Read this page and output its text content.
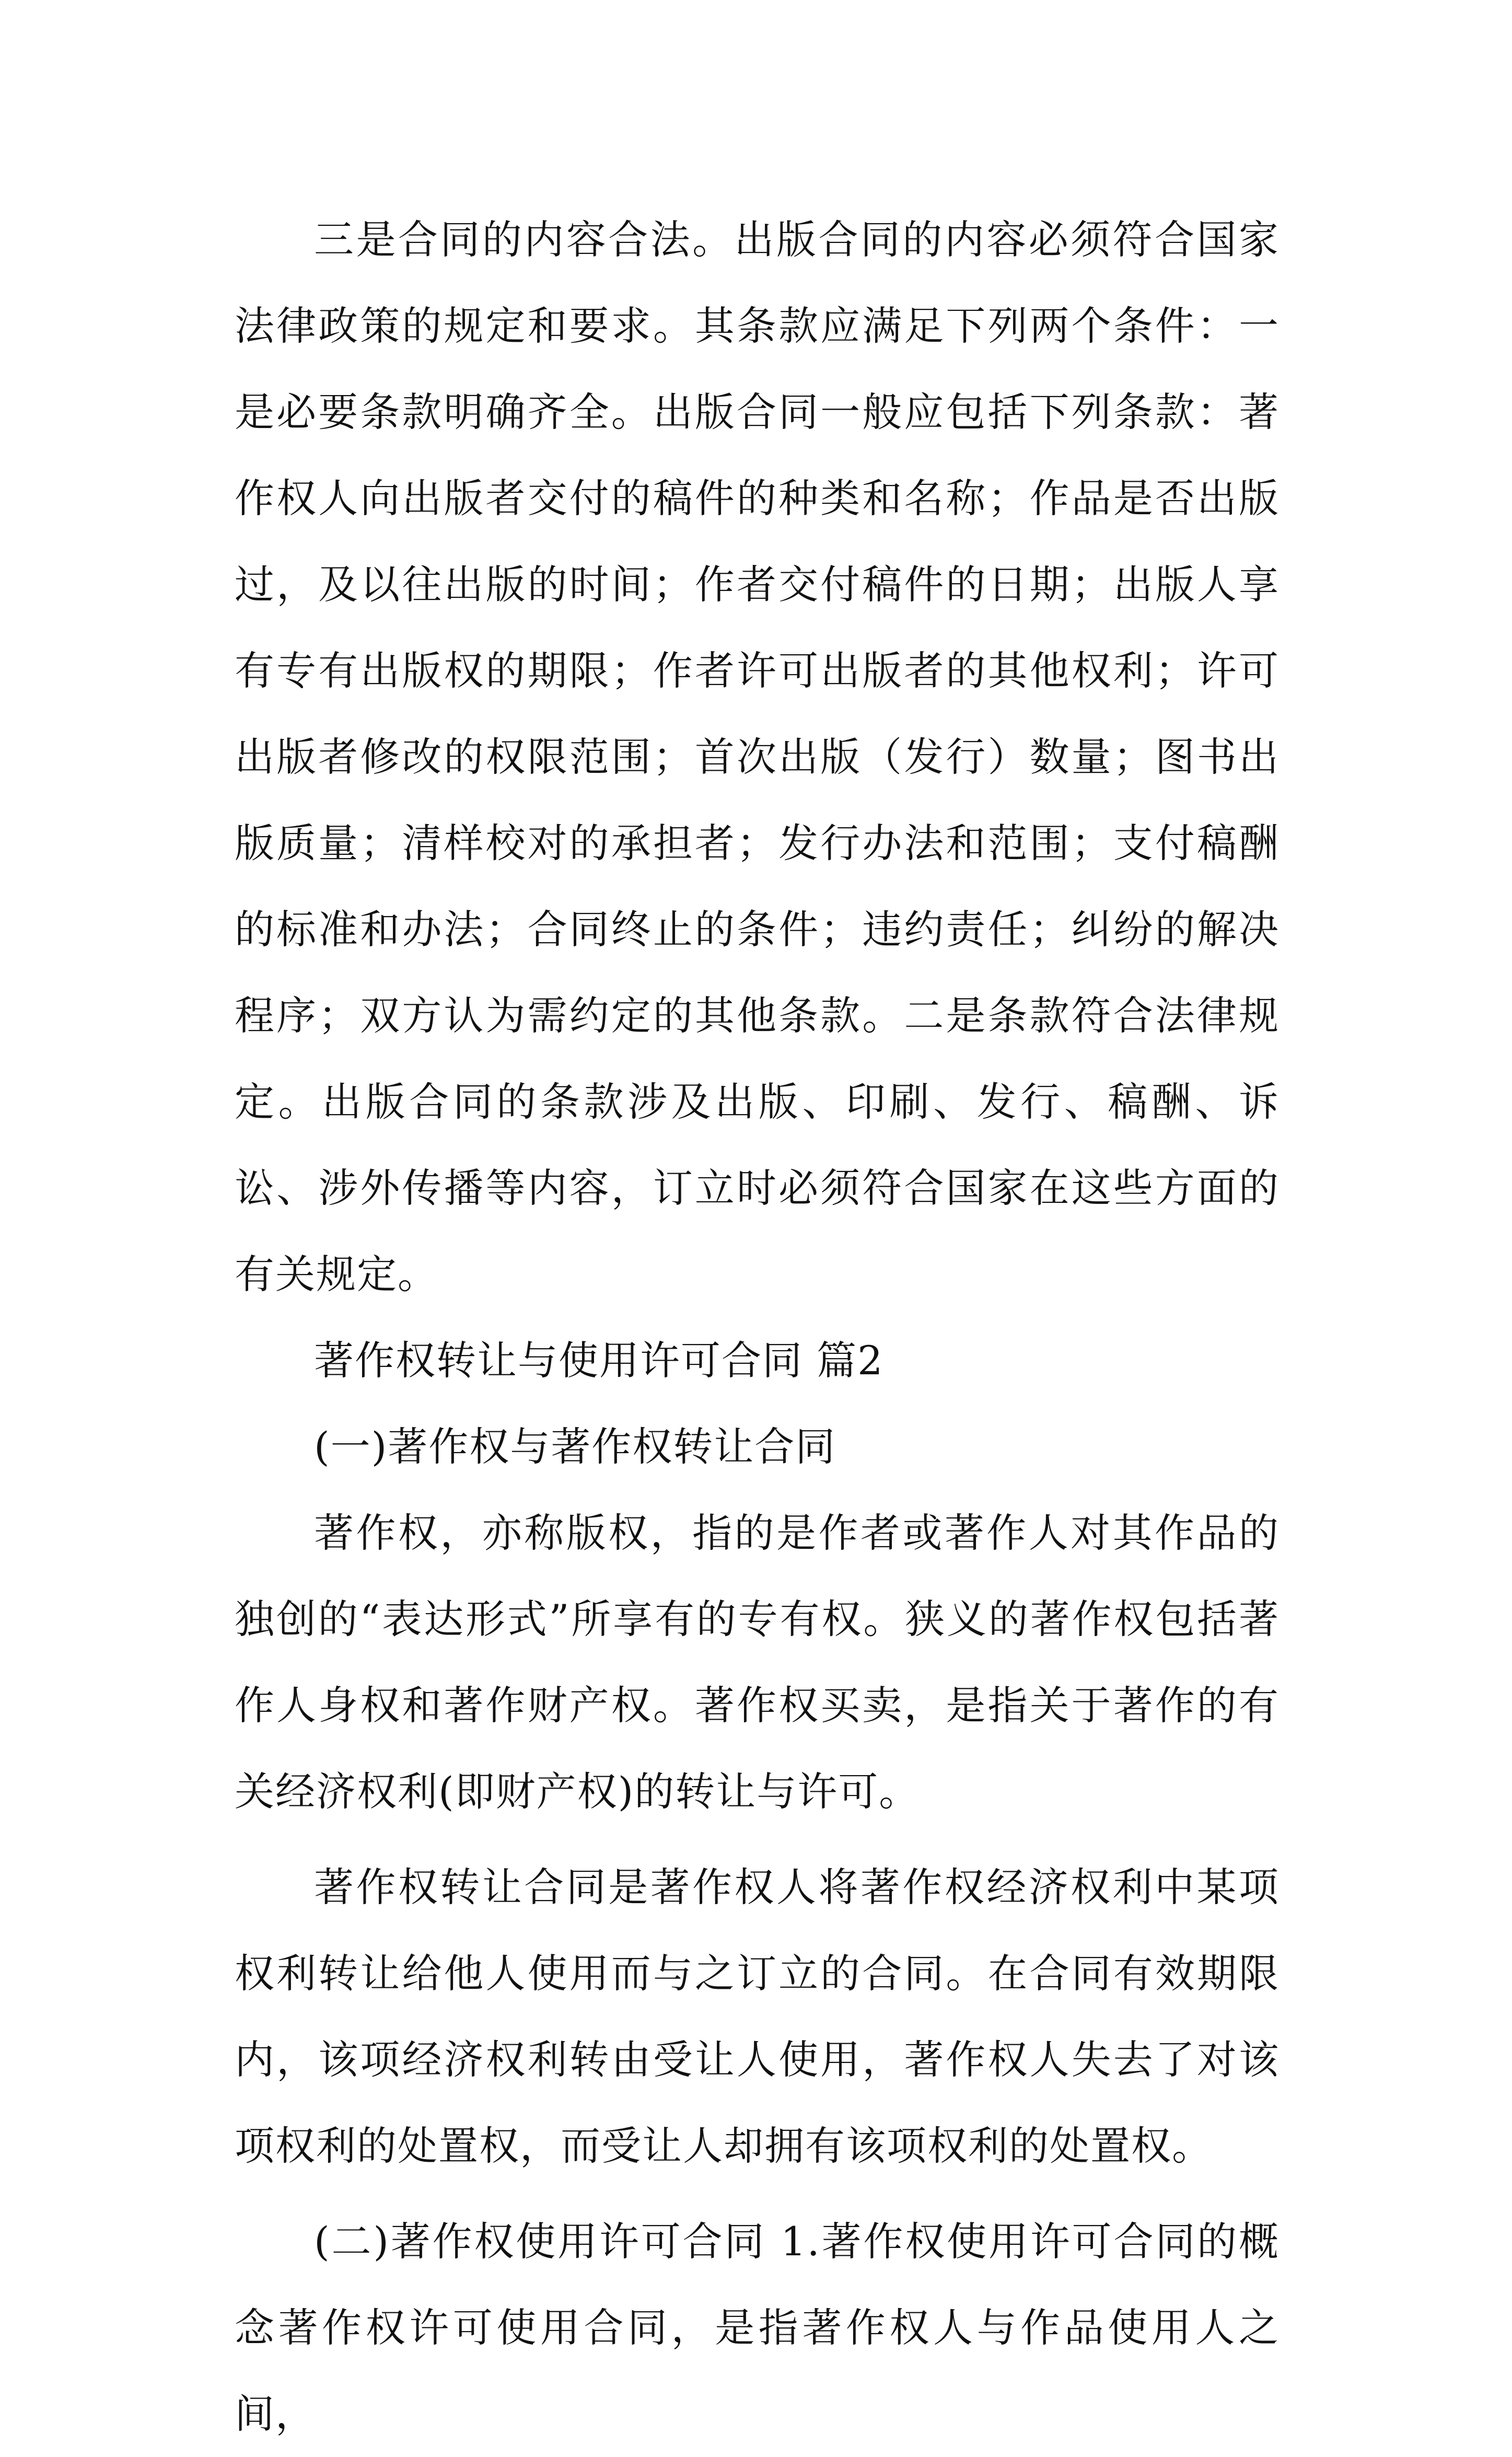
三是合同的内容合法。出版合同的内容必须符合国家法律政策的规定和要求。其条款应满足下列两个条件：一是必要条款明确齐全。出版合同一般应包括下列条款：著作权人向出版者交付的稿件的种类和名称；作品是否出版过，及以往出版的时间；作者交付稿件的日期；出版人享有专有出版权的期限；作者许可出版者的其他权利；许可出版者修改的权限范围；首次出版（发行）数量；图书出版质量；清样校对的承担者；发行办法和范围；支付稿酬的标准和办法；合同终止的条件；违约责任；纠纷的解决程序；双方认为需约定的其他条款。二是条款符合法律规定。出版合同的条款涉及出版、印刷、发行、稿酬、诉讼、涉外传播等内容，订立时必须符合国家在这些方面的有关规定。

著作权转让与使用许可合同 篇2

(一)著作权与著作权转让合同

著作权，亦称版权，指的是作者或著作人对其作品的独创的“表达形式”所享有的专有权。狭义的著作权包括著作人身权和著作财产权。著作权买卖，是指关于著作的有关经济权利(即财产权)的转让与许可。

著作权转让合同是著作权人将著作权经济权利中某项权利转让给他人使用而与之订立的合同。在合同有效期限内，该项经济权利转由受让人使用，著作权人失去了对该项权利的处置权，而受让人却拥有该项权利的处置权。

(二)著作权使用许可合同 1.著作权使用许可合同的概念著作权许可使用合同，是指著作权人与作品使用人之间，
